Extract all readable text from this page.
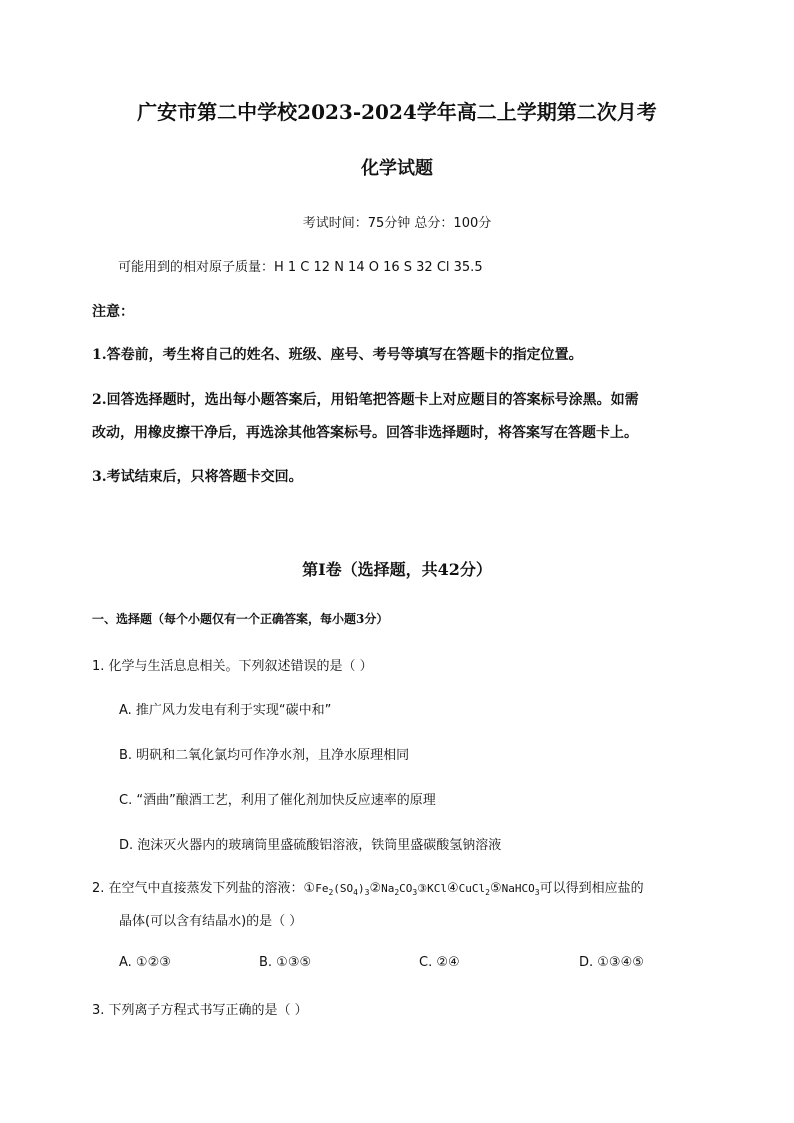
广安市第二中学校2023-2024学年高二上学期第二次月考
化学试题
考试时间：75分钟 总分：100分
可能用到的相对原子质量：H 1 C 12 N 14 O 16 S 32 Cl 35.5
注意：
1.答卷前，考生将自己的姓名、班级、座号、考号等填写在答题卡的指定位置。
2.回答选择题时，选出每小题答案后，用铅笔把答题卡上对应题目的答案标号涂黑。如需
改动，用橡皮擦干净后，再选涂其他答案标号。回答非选择题时，将答案写在答题卡上。
3.考试结束后，只将答题卡交回。
第Ⅰ卷（选择题，共42分）
一、选择题（每个小题仅有一个正确答案，每小题3分）
1. 化学与生活息息相关。下列叙述错误的是（ ）
A. 推广风力发电有利于实现“碳中和”
B. 明矾和二氧化氯均可作净水剂，且净水原理相同
C. “酒曲”酿酒工艺，利用了催化剂加快反应速率的原理
D. 泡沫灭火器内的玻璃筒里盛硫酸铝溶液，铁筒里盛碳酸氢钠溶液
2. 在空气中直接蒸发下列盐的溶液：$①Fe_2(SO_4)_3②Na_2CO_3③KCl④CuCl_2⑤NaHCO_3$可以得到相应盐的
晶体(可以含有结晶水)的是（ ）
A. ①②③	B. ①③⑤	C. ②④	D. ①③④⑤
3. 下列离子方程式书写正确的是（ ）
